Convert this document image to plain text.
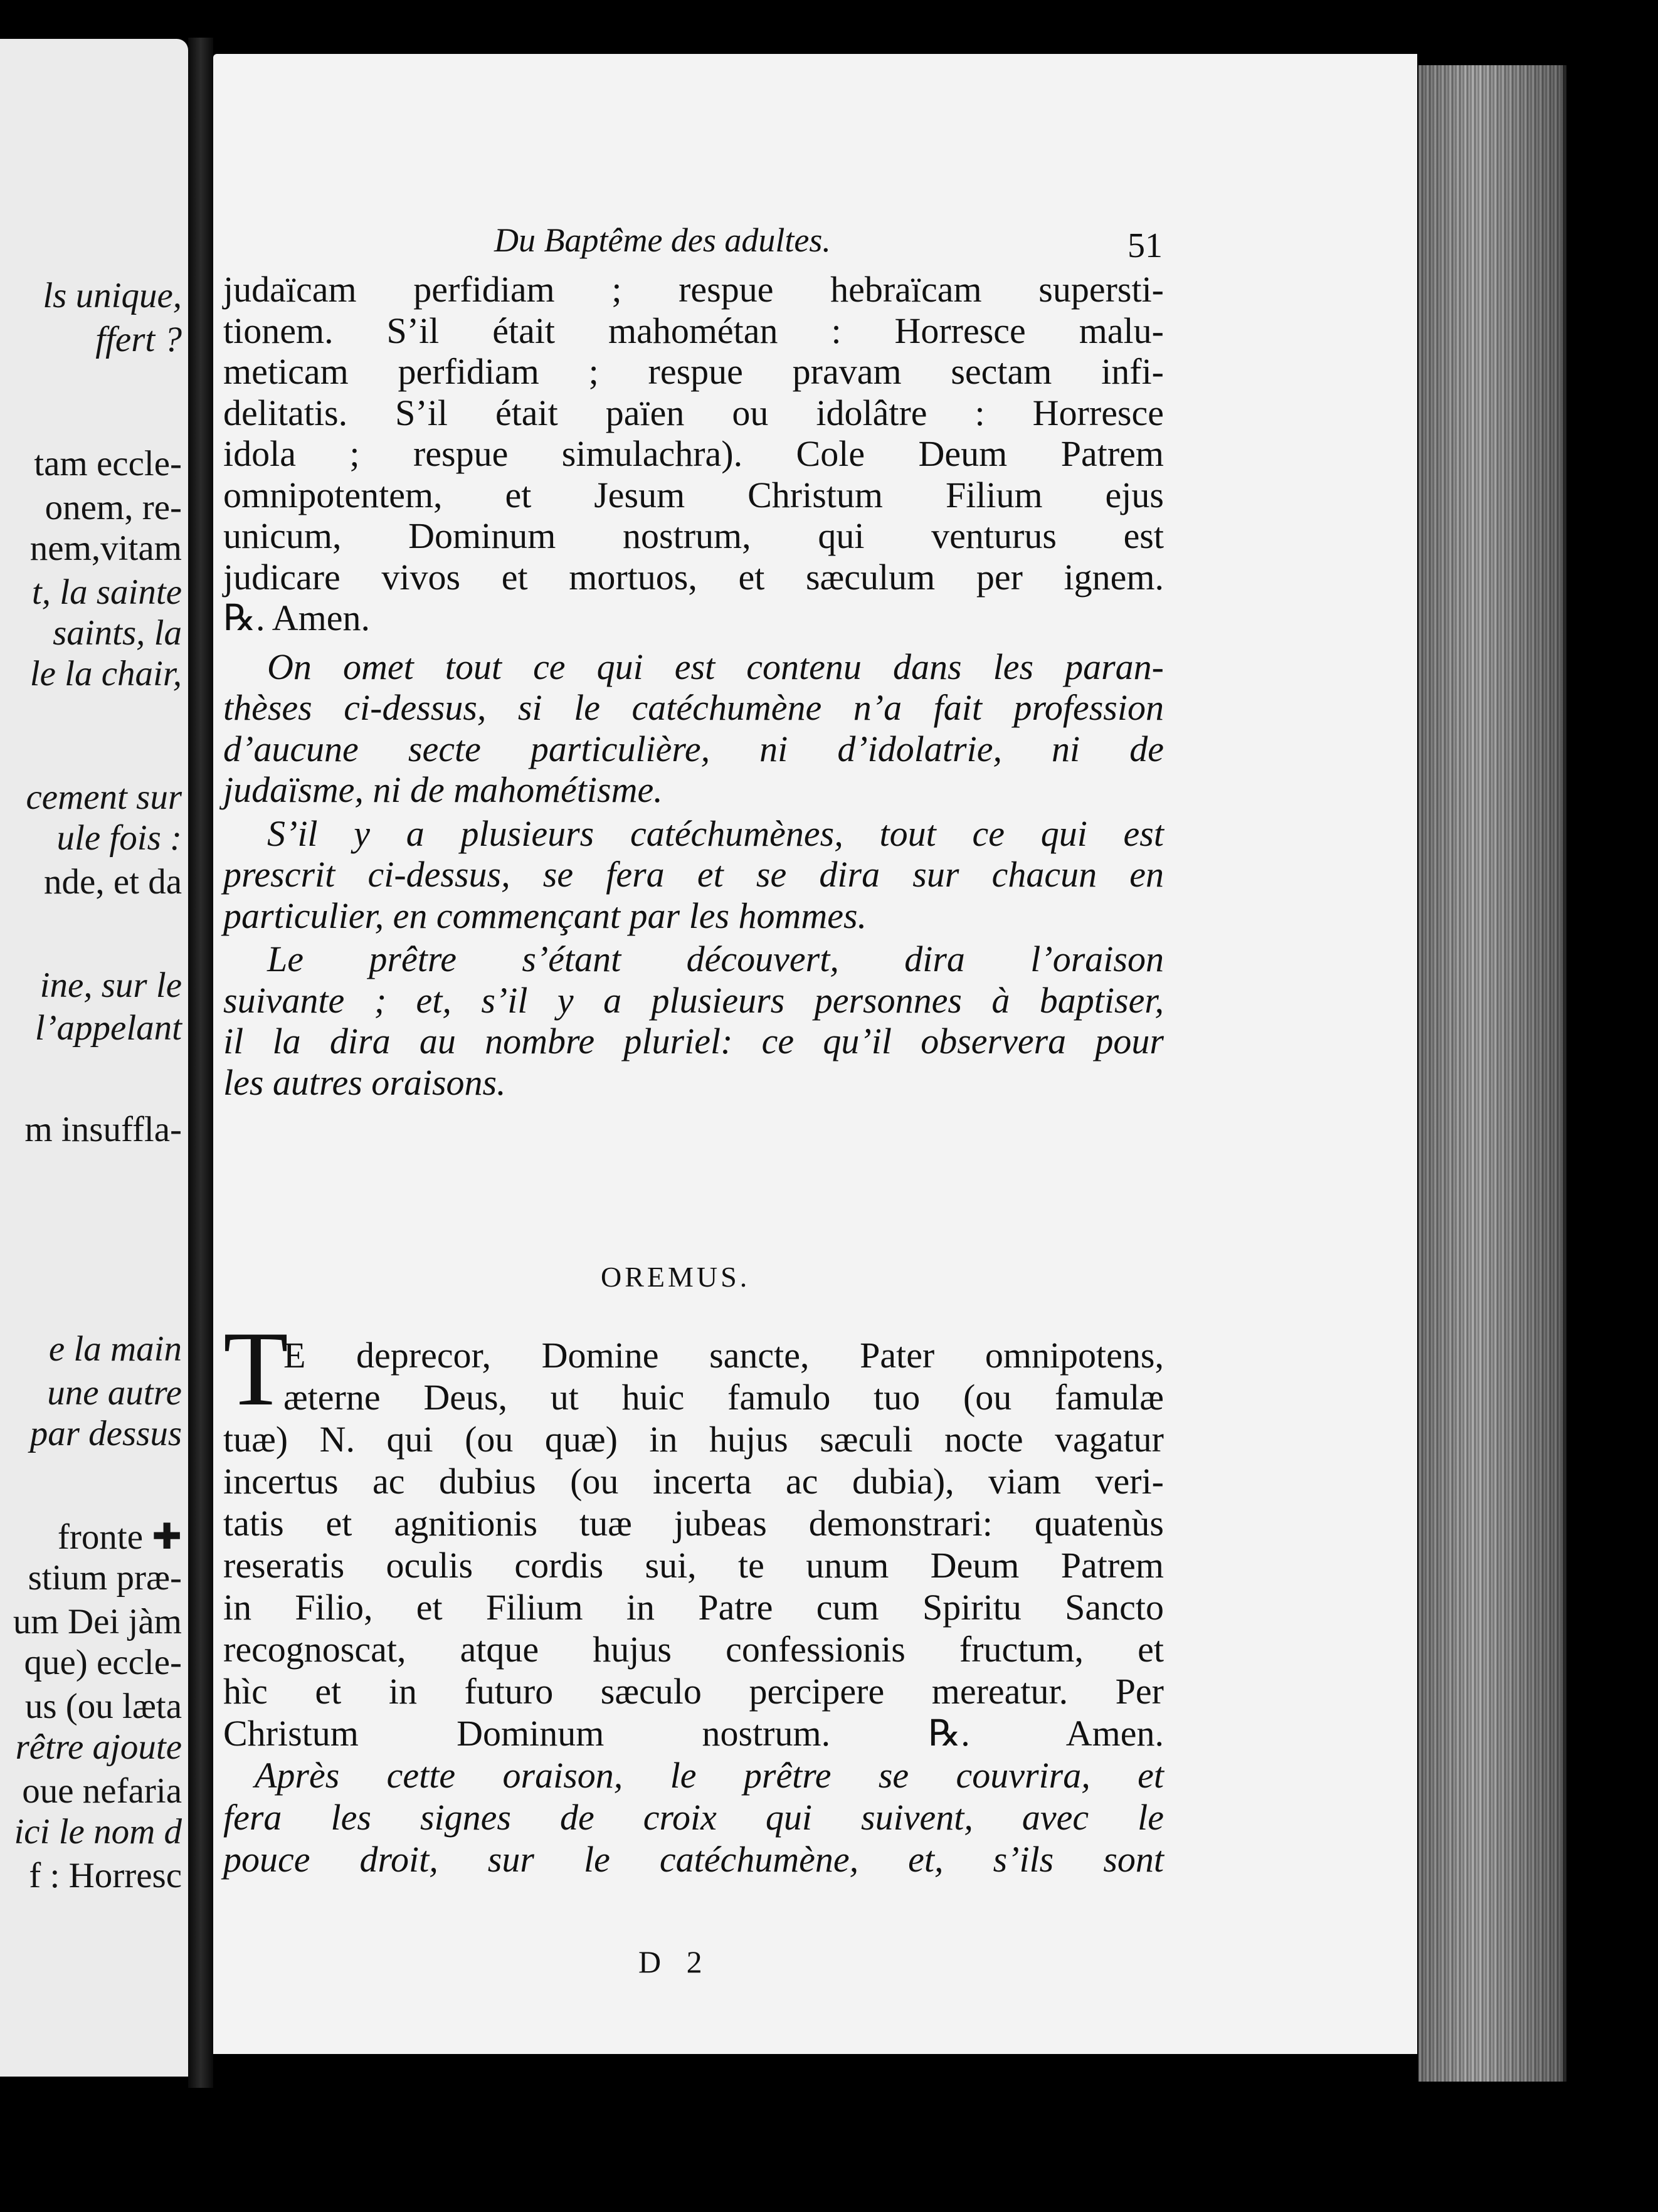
ls unique,
ffert ?
tam eccle-
onem, re-
nem,vitam
t, la sainte
saints, la
le la chair,
cement sur
ule fois :
nde, et da
ine, sur le
l’appelant
m insuffla-
e la main
une autre
par dessus
fronte ✚
stium præ-
um Dei jàm
que) eccle-
us (ou læta
rêtre ajoute
oue nefaria
ici le nom d
f : Horresc
Du Baptême des adultes.	51
judaïcam perfidiam ; respue hebraïcam supersti-
tionem. S’il était mahométan : Horresce malu-
meticam perfidiam ; respue pravam sectam infi-
delitatis. S’il était païen ou idolâtre : Horresce
idola ; respue simulachra). Cole Deum Patrem
omnipotentem, et Jesum Christum Filium ejus
unicum, Dominum nostrum, qui venturus est
judicare vivos et mortuos, et sæculum per ignem.
℞. Amen.
On omet tout ce qui est contenu dans les paran-
thèses ci-dessus, si le catéchumène n’a fait profession
d’aucune secte particulière, ni d’idolatrie, ni de
judaïsme, ni de mahométisme.
S’il y a plusieurs catéchumènes, tout ce qui est
prescrit ci-dessus, se fera et se dira sur chacun en
particulier, en commençant par les hommes.
Le prêtre s’étant découvert, dira l’oraison
suivante ; et, s’il y a plusieurs personnes à baptiser,
il la dira au nombre pluriel: ce qu’il observera pour
les autres oraisons.
OREMUS.
T
E deprecor, Domine sancte, Pater omnipotens,
æterne Deus, ut huic famulo tuo (ou famulæ
tuæ) N. qui (ou quæ) in hujus sæculi nocte vagatur
incertus ac dubius (ou incerta ac dubia), viam veri-
tatis et agnitionis tuæ jubeas demonstrari: quatenùs
reseratis oculis cordis sui, te unum Deum Patrem
in Filio, et Filium in Patre cum Spiritu Sancto
recognoscat, atque hujus confessionis fructum, et
hìc et in futuro sæculo percipere mereatur. Per
Christum Dominum nostrum. ℞. Amen.
Après cette oraison, le prêtre se couvrira, et
fera les signes de croix qui suivent, avec le
pouce droit, sur le catéchumène, et, s’ils sont
D 2
